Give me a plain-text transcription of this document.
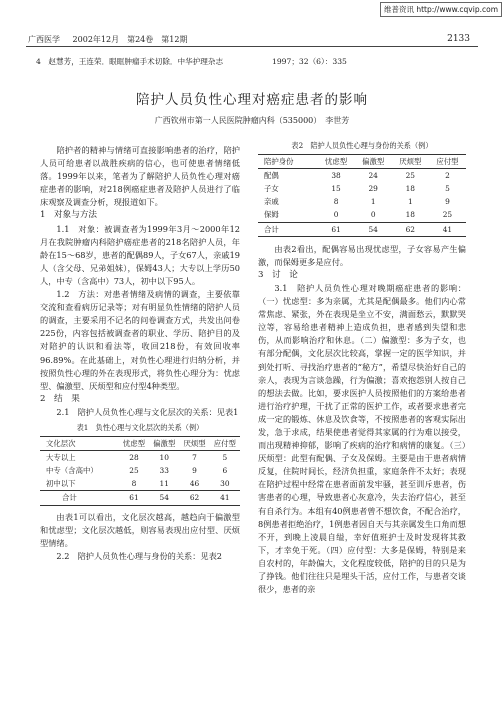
维普资讯 http://www.cqvip.com
广西医学 2002年12月　第24卷　第12期	2133
4　赵慧芳，王连荣．眼眶肿瘤手术切除．中华护理杂志	1997；32（6）：335
陪护人员负性心理对癌症患者的影响
广西钦州市第一人民医院肿瘤内科（535000）　李世芳

陪护者的精神与情绪可直接影响患者的治疗，陪护人员可给患者以战胜疾病的信心，也可使患者情绪低落。1999年以来，笔者为了解陪护人员负性心理对癌症患者的影响，对218例癌症患者及陪护人员进行了临床观察及调查分析，现报道如下。

1　对象与方法

1.1　对象：被调查者为1999年3月～2000年12月在我院肿瘤内科陪护癌症患者的218名陪护人员，年龄在15～68岁，患者的配偶89人，子女67人，亲戚19人（含父母、兄弟姐妹），保姆43人；大专以上学历50人，中专（含高中）73人，初中以下95人。

1.2　方法：对患者情绪及病情的调查，主要依靠交流和查看病历记录等；对有明显负性情绪的陪护人员的调查，主要采用不记名的问卷调查方式，共发出问卷225份，内容包括被调查者的职业、学历、陪护目的及对陪护的认识和看法等，收回218份，有效回收率96.89%。在此基础上，对负性心理进行归纳分析，并按照负性心理的外在表现形式，将负性心理分为：忧虑型、偏激型、厌烦型和应付型4种类型。

2　结　果

2.1　陪护人员负性心理与文化层次的关系：见表1

表1　负性心理与文化层次的关系（例）
文化层次	忧虑型	偏激型	厌烦型	应付型
大专以上	28	10	7	5
中专（含高中）	25	33	9	6
初中以下	8	11	46	30
合计	61	54	62	41

由表1可以看出，文化层次越高，越趋向于偏激型和忧虑型；文化层次越低，则容易表现出应付型、厌烦型情绪。

2.2　陪护人员负性心理与身份的关系：见表2

表2　陪护人员负性心理与身份的关系（例）
陪护身份	忧虑型	偏激型	厌烦型	应付型
配偶	38	24	25	2
子女	15	29	18	5
亲戚	8	1	1	9
保姆	0	0	18	25
合计	61	54	62	41

由表2看出，配偶容易出现忧虑型，子女容易产生偏激，而保姆更多是应付。

3　讨　论

3.1　陪护人员负性心理对晚期癌症患者的影响：（一）忧虑型：多为亲属，尤其是配偶最多。他们内心常常焦虑、紧张，外在表现是坐立不安，满面愁云，默默哭泣等，容易给患者精神上造成负担，患者感到失望和悲伤，从而影响治疗和休息。（二）偏激型：多为子女，也有部分配偶，文化层次比较高，掌握一定的医学知识，并到处打听、寻找治疗患者的“秘方”，希望尽快治好自己的亲人，表现为言谈急躁，行为偏激；喜欢抱怨别人按自己的想法去做。比如，要求医护人员按照他们的方案给患者进行治疗护理，干扰了正常的医护工作，或者要求患者完成一定的锻炼、休息及饮食等，不按照患者的客观实际出发，急于求成，结果使患者觉得其家属的行为难以接受，而出现精神抑郁，影响了疾病的治疗和病情的康复。（三）厌烦型：此型有配偶、子女及保姆。主要是由于患者病情反复，住院时间长，经济负担重，家庭条件不太好；表现在陪护过程中经常在患者面前发牢骚，甚至训斥患者，伤害患者的心理，导致患者心灰意冷，失去治疗信心，甚至有自杀行为。本组有40例患者曾不想饮食，不配合治疗，8例患者拒绝治疗，1例患者因自天与其亲属发生口角而想不开，到晚上凌晨自缢，幸好值班护士及时发现将其救下，才幸免于死。（四）应付型：大多是保姆，特别是来自农村的，年龄偏大，文化程度较低，陪护的目的只是为了挣钱。他们往往只是埋头干活，应付工作，与患者交谈很少，患者的亲
